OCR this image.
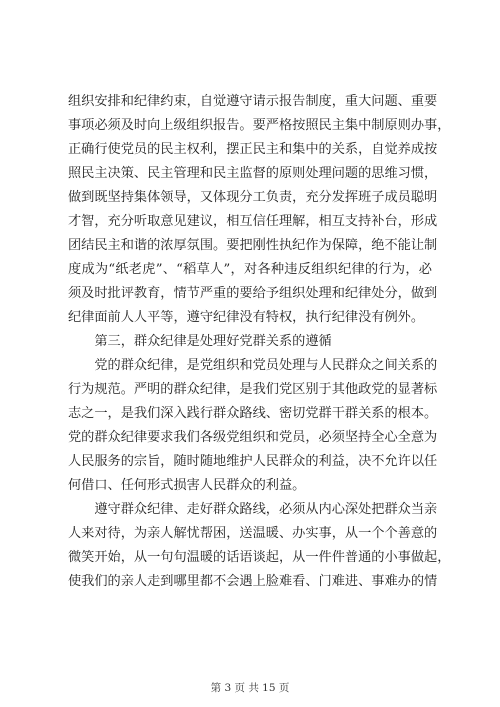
组织安排和纪律约束，自觉遵守请示报告制度，重大问题、重要
事项必须及时向上级组织报告。要严格按照民主集中制原则办事，
正确行使党员的民主权利，摆正民主和集中的关系，自觉养成按
照民主决策、民主管理和民主监督的原则处理问题的思维习惯，
做到既坚持集体领导，又体现分工负责，充分发挥班子成员聪明
才智，充分听取意见建议，相互信任理解，相互支持补台，形成
团结民主和谐的浓厚氛围。要把刚性执纪作为保障，绝不能让制
度成为“纸老虎”、“稻草人”，对各种违反组织纪律的行为，必
须及时批评教育，情节严重的要给予组织处理和纪律处分，做到
纪律面前人人平等，遵守纪律没有特权，执行纪律没有例外。
　　第三，群众纪律是处理好党群关系的遵循
　　党的群众纪律，是党组织和党员处理与人民群众之间关系的
行为规范。严明的群众纪律，是我们党区别于其他政党的显著标
志之一，是我们深入践行群众路线、密切党群干群关系的根本。
党的群众纪律要求我们各级党组织和党员，必须坚持全心全意为
人民服务的宗旨，随时随地维护人民群众的利益，决不允许以任
何借口、任何形式损害人民群众的利益。
　　遵守群众纪律、走好群众路线，必须从内心深处把群众当亲
人来对待，为亲人解忧帮困，送温暖、办实事，从一个个善意的
微笑开始，从一句句温暖的话语谈起，从一件件普通的小事做起，
使我们的亲人走到哪里都不会遇上脸难看、门难进、事难办的情
第 3 页 共 15 页
